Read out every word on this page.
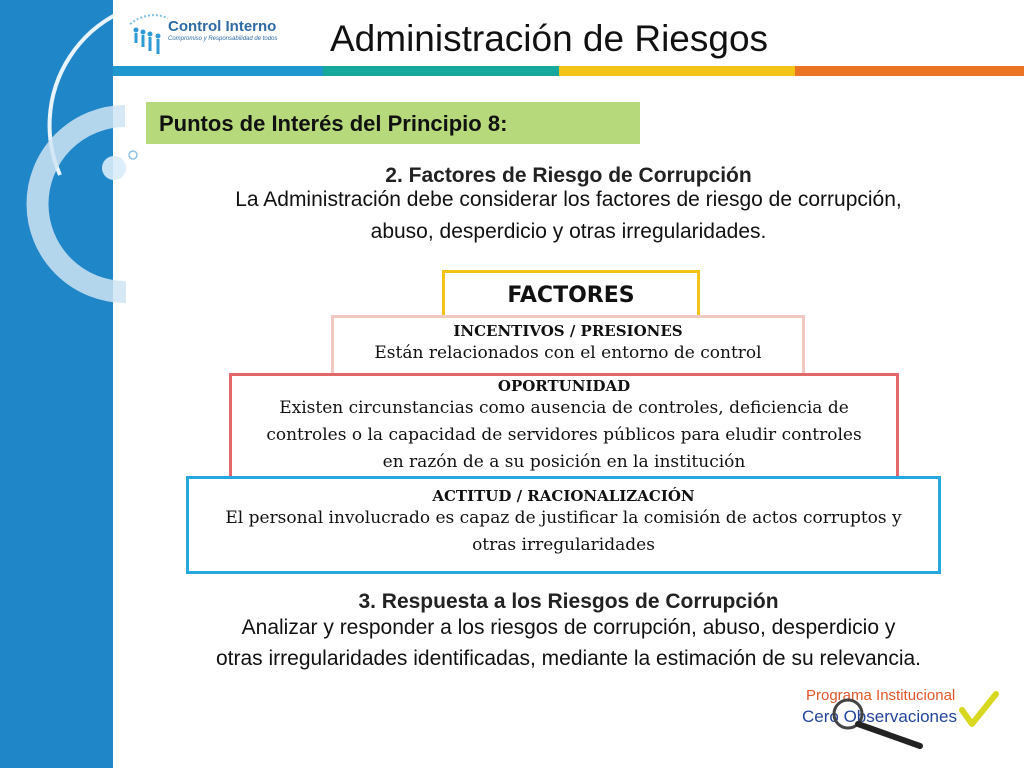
Control Interno
Compromiso y Responsabilidad de todos Administración de Riesgos
Puntos de Interés del Principio 8:
2. Factores de Riesgo de Corrupción
La Administración debe considerar los factores de riesgo de corrupción,
abuso, desperdicio y otras irregularidades.
FACTORES
INCENTIVOS / PRESIONES
Están relacionados con el entorno de control
OPORTUNIDAD
Existen circunstancias como ausencia de controles, deficiencia de
controles o la capacidad de servidores públicos para eludir controles
en razón de a su posición en la institución
ACTITUD / RACIONALIZACIÓN
El personal involucrado es capaz de justificar la comisión de actos corruptos y
otras irregularidades
3. Respuesta a los Riesgos de Corrupción
Analizar y responder a los riesgos de corrupción, abuso, desperdicio y
otras irregularidades identificadas, mediante la estimación de su relevancia.
Programa Institucional
Cero Observaciones
